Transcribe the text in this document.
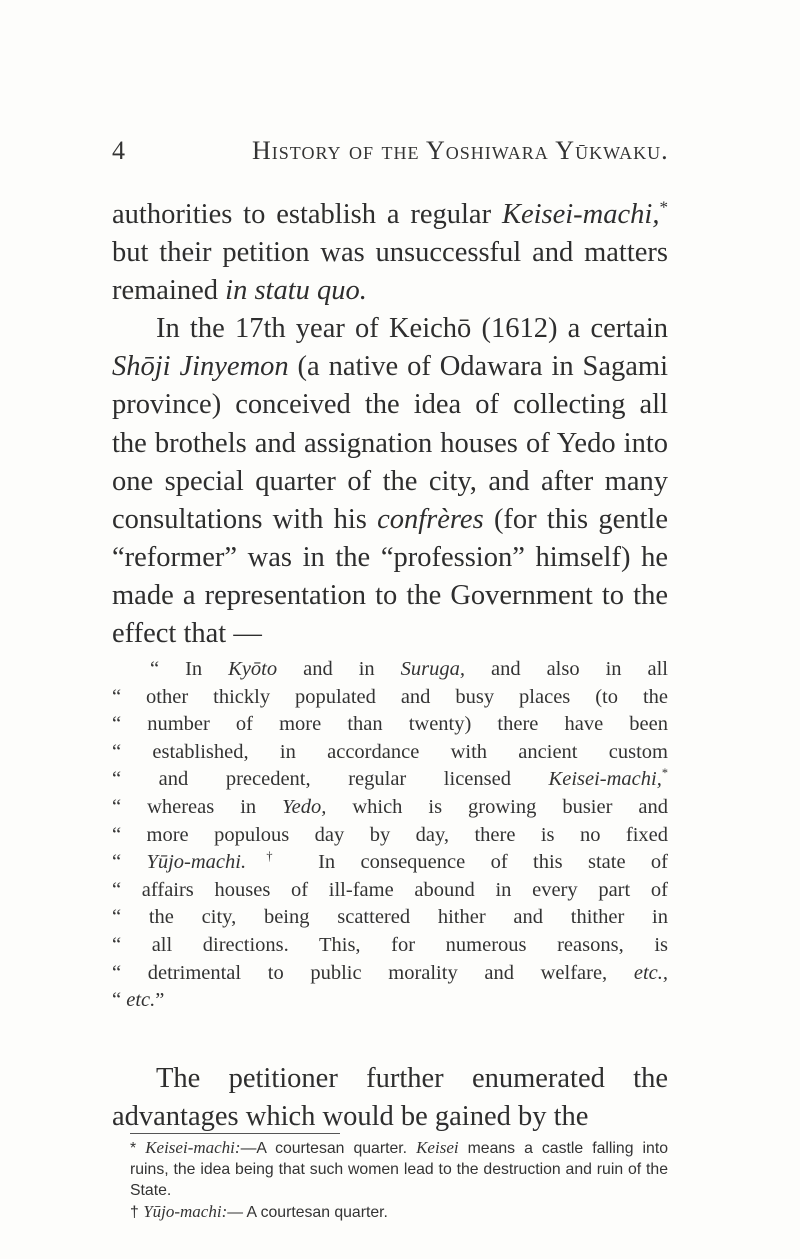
4	History of the Yoshiwara Yūkwaku.

authorities to establish a regular Keisei-machi,* but their petition was unsuccessful and matters remained in statu quo.

In the 17th year of Keichō (1612) a certain Shōji Jinyemon (a native of Odawara in Sagami province) conceived the idea of collecting all the brothels and assignation houses of Yedo into one special quarter of the city, and after many consultations with his confrères (for this gentle “reformer” was in the “profession” himself) he made a representation to the Government to the effect that —

“ In Kyōto and in Suruga, and also in all
“ other thickly populated and busy places (to the
“ number of more than twenty) there have been
“ established, in accordance with ancient custom
“ and precedent, regular licensed Keisei-machi,*
“ whereas in Yedo, which is growing busier and
“ more populous day by day, there is no fixed
“ Yūjo-machi.† In consequence of this state of
“ affairs houses of ill-fame abound in every part of
“ the city, being scattered hither and thither in
“ all directions. This, for numerous reasons, is
“ detrimental to public morality and welfare, etc.,
“ etc.”

The petitioner further enumerated the advantages which would be gained by the

* Keisei-machi:—A courtesan quarter. Keisei means a castle falling into ruins, the idea being that such women lead to the destruction and ruin of the State.

† Yūjo-machi:— A courtesan quarter.
